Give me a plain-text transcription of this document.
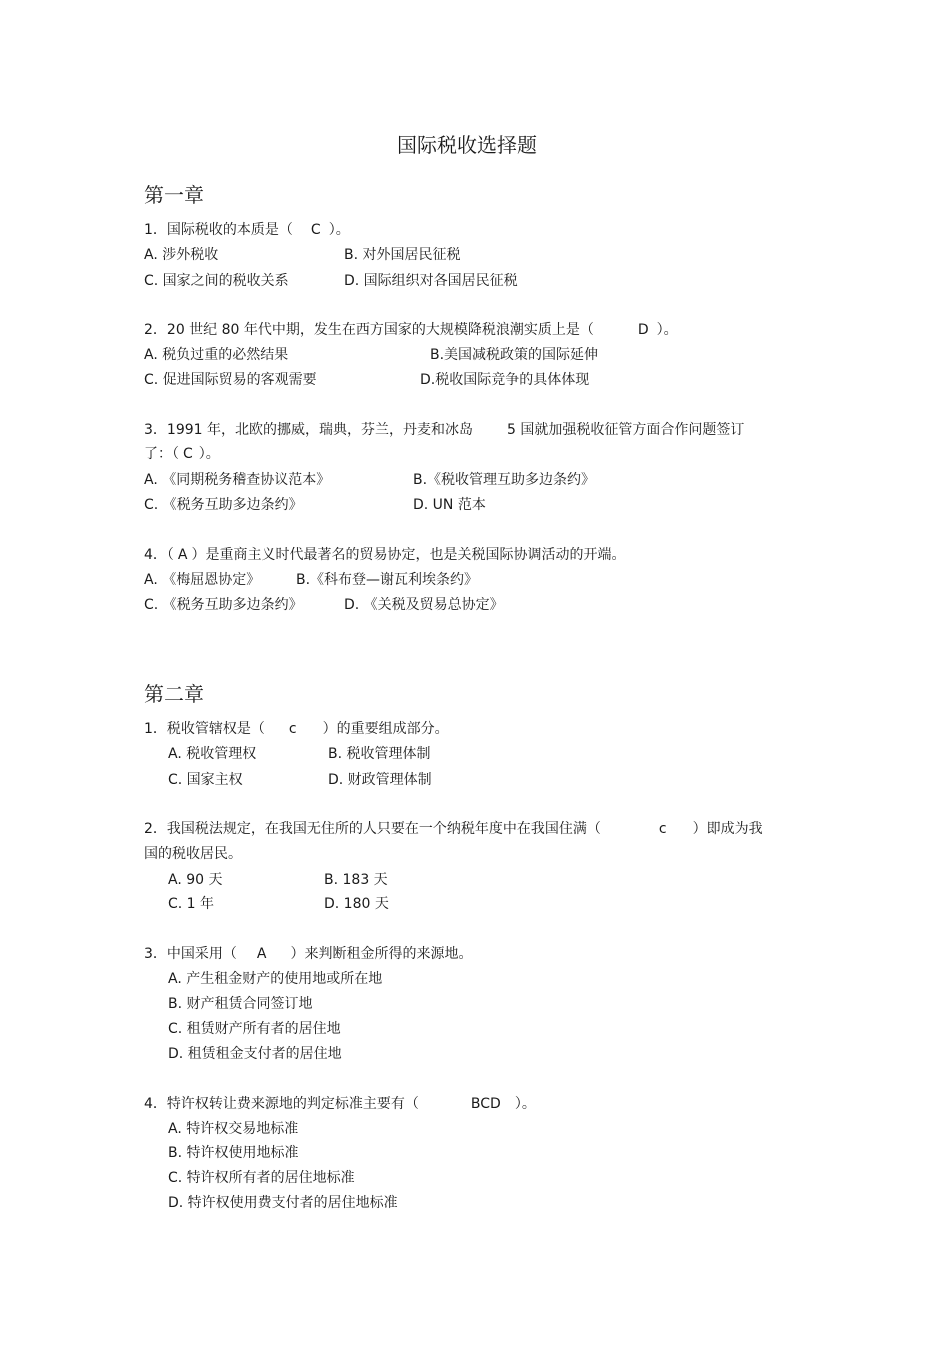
国际税收选择题
第一章
1．国际税收的本质是（ C ）。
A. 涉外税收	B. 对外国居民征税
C. 国家之间的税收关系	D. 国际组织对各国居民征税
2．20 世纪 80 年代中期，发生在西方国家的大规模降税浪潮实质上是（	D ）。
A. 税负过重的必然结果	B.美国减税政策的国际延伸
C. 促进国际贸易的客观需要	D.税收国际竞争的具体体现
3．1991 年，北欧的挪威，瑞典，芬兰，丹麦和冰岛 5 国就加强税收征管方面合作问题签订
了：（ C ）。
A. 《同期税务稽查协议范本》	B.《税收管理互助多边条约》
C. 《税务互助多边条约》	D. UN 范本
4．（ A ）是重商主义时代最著名的贸易协定，也是关税国际协调活动的开端。
A. 《梅屈恩协定》	B.《科布登—谢瓦利埃条约》
C. 《税务互助多边条约》	D. 《关税及贸易总协定》
第二章
1．税收管辖权是（ c ）的重要组成部分。
A. 税收管理权	B. 税收管理体制
C. 国家主权	D. 财政管理体制
2．我国税法规定，在我国无住所的人只要在一个纳税年度中在我国住满（	c ）即成为我
国的税收居民。
A. 90 天	B. 183 天
C. 1 年	D. 180 天
3．中国采用（ A ）来判断租金所得的来源地。
A. 产生租金财产的使用地或所在地
B. 财产租赁合同签订地
C. 租赁财产所有者的居住地
D. 租赁租金支付者的居住地
4．特许权转让费来源地的判定标准主要有（	BCD ）。
A. 特许权交易地标准
B. 特许权使用地标准
C. 特许权所有者的居住地标准
D. 特许权使用费支付者的居住地标准
